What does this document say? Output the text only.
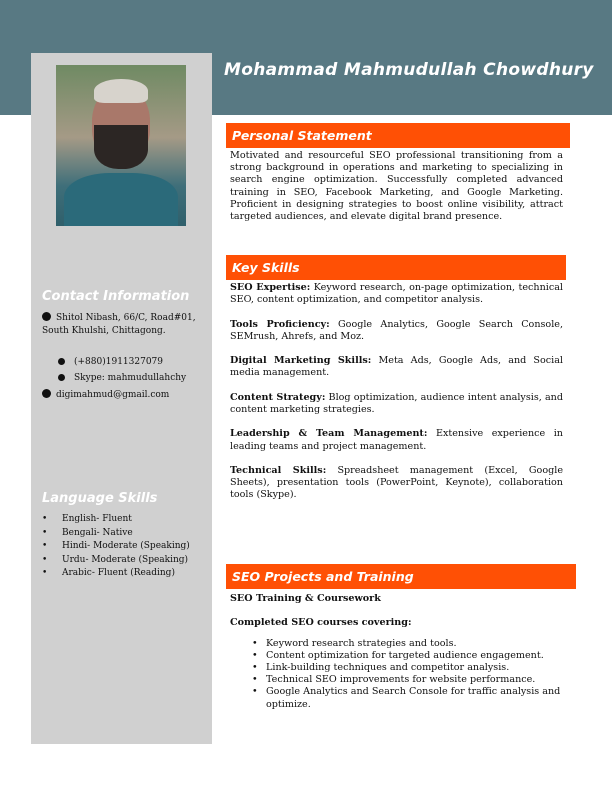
Mohammad Mahmudullah Chowdhury
Contact Information
Shitol Nibash, 66/C, Road#01, South Khulshi, Chittagong.
(+880)1911327079
Skype: mahmudullahchy
digimahmud@gmail.com
Language Skills
• English- Fluent
• Bengali- Native
• Hindi- Moderate (Speaking)
• Urdu- Moderate (Speaking)
• Arabic- Fluent (Reading)
Personal Statement
Motivated and resourceful SEO professional transitioning from a strong background in operations and marketing to specializing in search engine optimization. Successfully completed advanced training in SEO, Facebook Marketing, and Google Marketing. Proficient in designing strategies to boost online visibility, attract targeted audiences, and elevate digital brand presence.
Key Skills

SEO Expertise: Keyword research, on-page optimization, technical SEO, content optimization, and competitor analysis.

Tools Proficiency: Google Analytics, Google Search Console, SEMrush, Ahrefs, and Moz.

Digital Marketing Skills: Meta Ads, Google Ads, and Social media management.

Content Strategy: Blog optimization, audience intent analysis, and content marketing strategies.

Leadership & Team Management: Extensive experience in leading teams and project management.

Technical Skills: Spreadsheet management (Excel, Google Sheets), presentation tools (PowerPoint, Keynote), collaboration tools (Skype).

SEO Projects and Training

SEO Training & Coursework

Completed SEO courses covering:

• Keyword research strategies and tools.
• Content optimization for targeted audience engagement.
• Link-building techniques and competitor analysis.
• Technical SEO improvements for website performance.
• Google Analytics and Search Console for traffic analysis and optimize.
